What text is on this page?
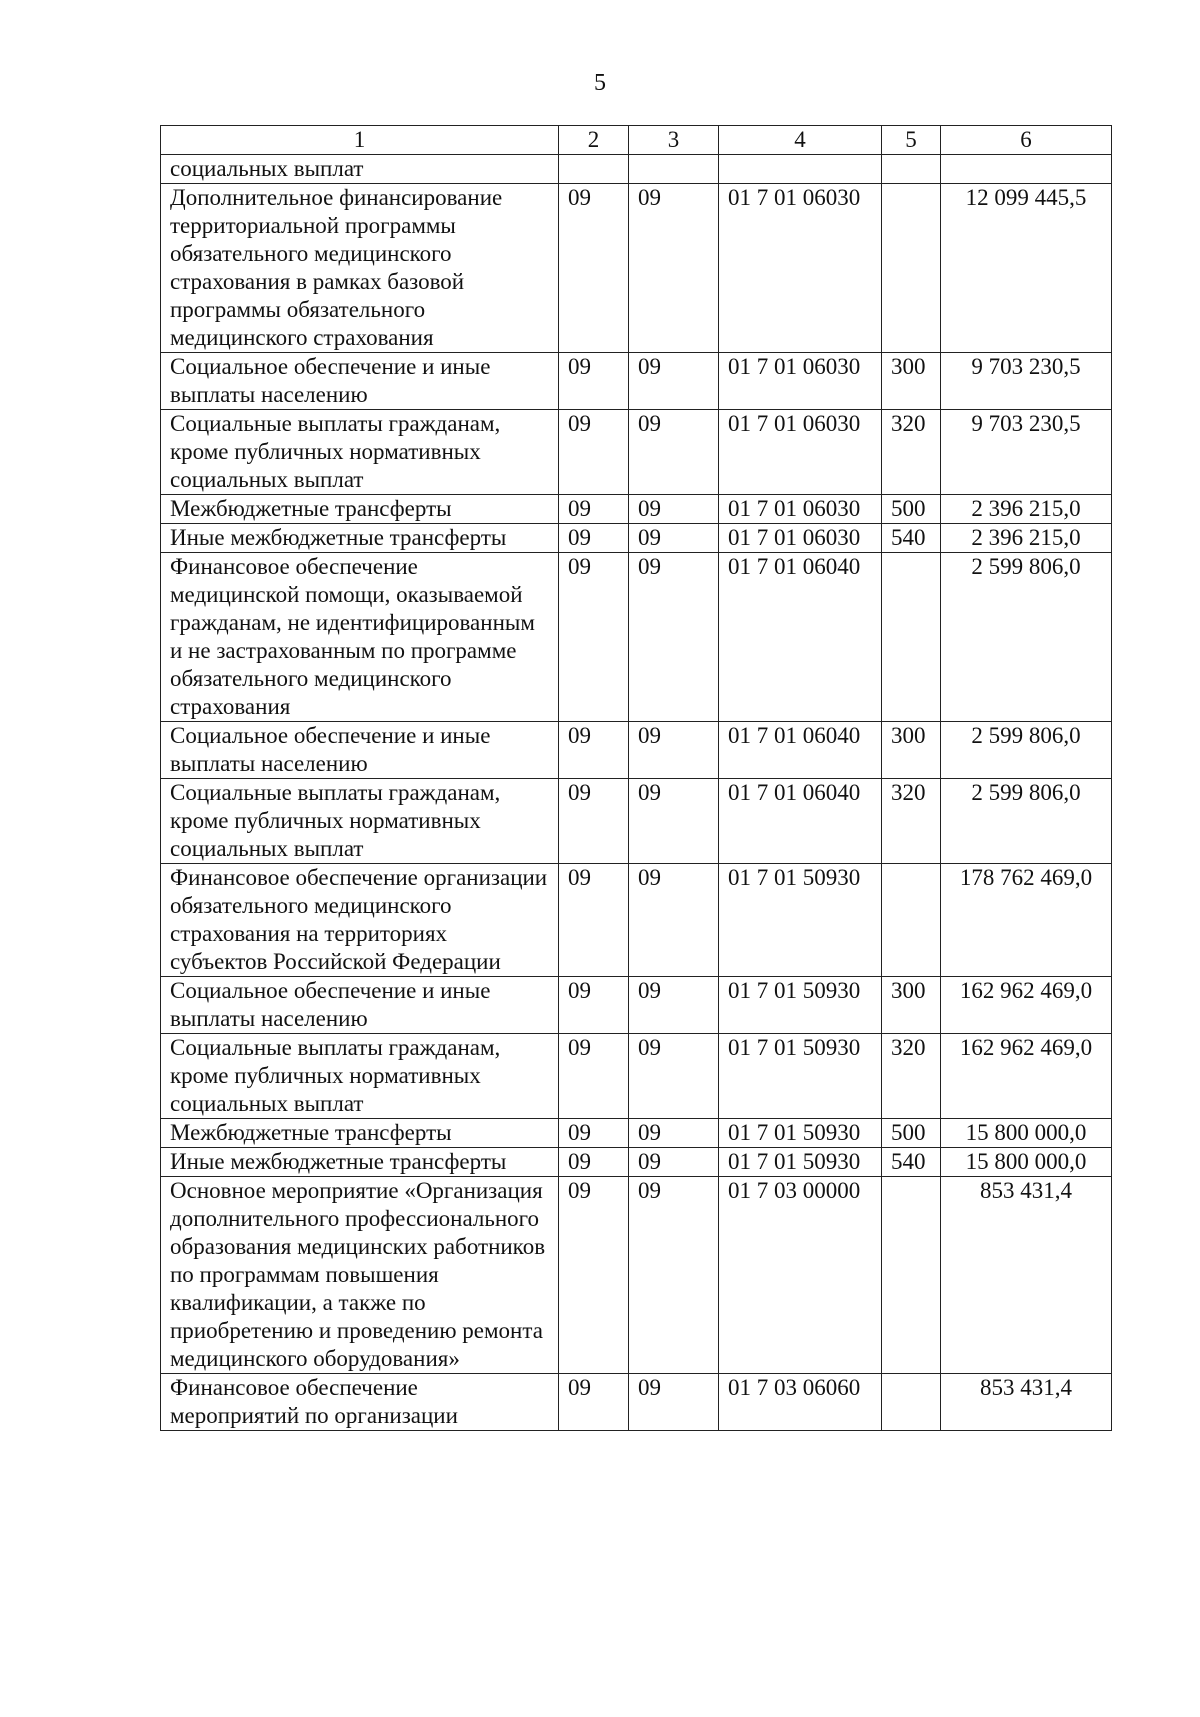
5
1	2	3	4	5	6
социальных выплат					
Дополнительное финансирование территориальной программы обязательного медицинского страхования в рамках базовой программы обязательного медицинского страхования	09	09	01 7 01 06030		12 099 445,5
Социальное обеспечение и иные выплаты населению	09	09	01 7 01 06030	300	9 703 230,5
Социальные выплаты гражданам, кроме публичных нормативных социальных выплат	09	09	01 7 01 06030	320	9 703 230,5
Межбюджетные трансферты	09	09	01 7 01 06030	500	2 396 215,0
Иные межбюджетные трансферты	09	09	01 7 01 06030	540	2 396 215,0
Финансовое обеспечение медицинской помощи, оказываемой гражданам, не идентифицированным и не застрахованным по программе обязательного медицинского страхования	09	09	01 7 01 06040		2 599 806,0
Социальное обеспечение и иные выплаты населению	09	09	01 7 01 06040	300	2 599 806,0
Социальные выплаты гражданам, кроме публичных нормативных социальных выплат	09	09	01 7 01 06040	320	2 599 806,0
Финансовое обеспечение организации обязательного медицинского страхования на территориях субъектов Российской Федерации	09	09	01 7 01 50930		178 762 469,0
Социальное обеспечение и иные выплаты населению	09	09	01 7 01 50930	300	162 962 469,0
Социальные выплаты гражданам, кроме публичных нормативных социальных выплат	09	09	01 7 01 50930	320	162 962 469,0
Межбюджетные трансферты	09	09	01 7 01 50930	500	15 800 000,0
Иные межбюджетные трансферты	09	09	01 7 01 50930	540	15 800 000,0
Основное мероприятие «Организация дополнительного профессионального образования медицинских работников по программам повышения квалификации, а также по приобретению и проведению ремонта медицинского оборудования»	09	09	01 7 03 00000		853 431,4
Финансовое обеспечение мероприятий по организации	09	09	01 7 03 06060		853 431,4
